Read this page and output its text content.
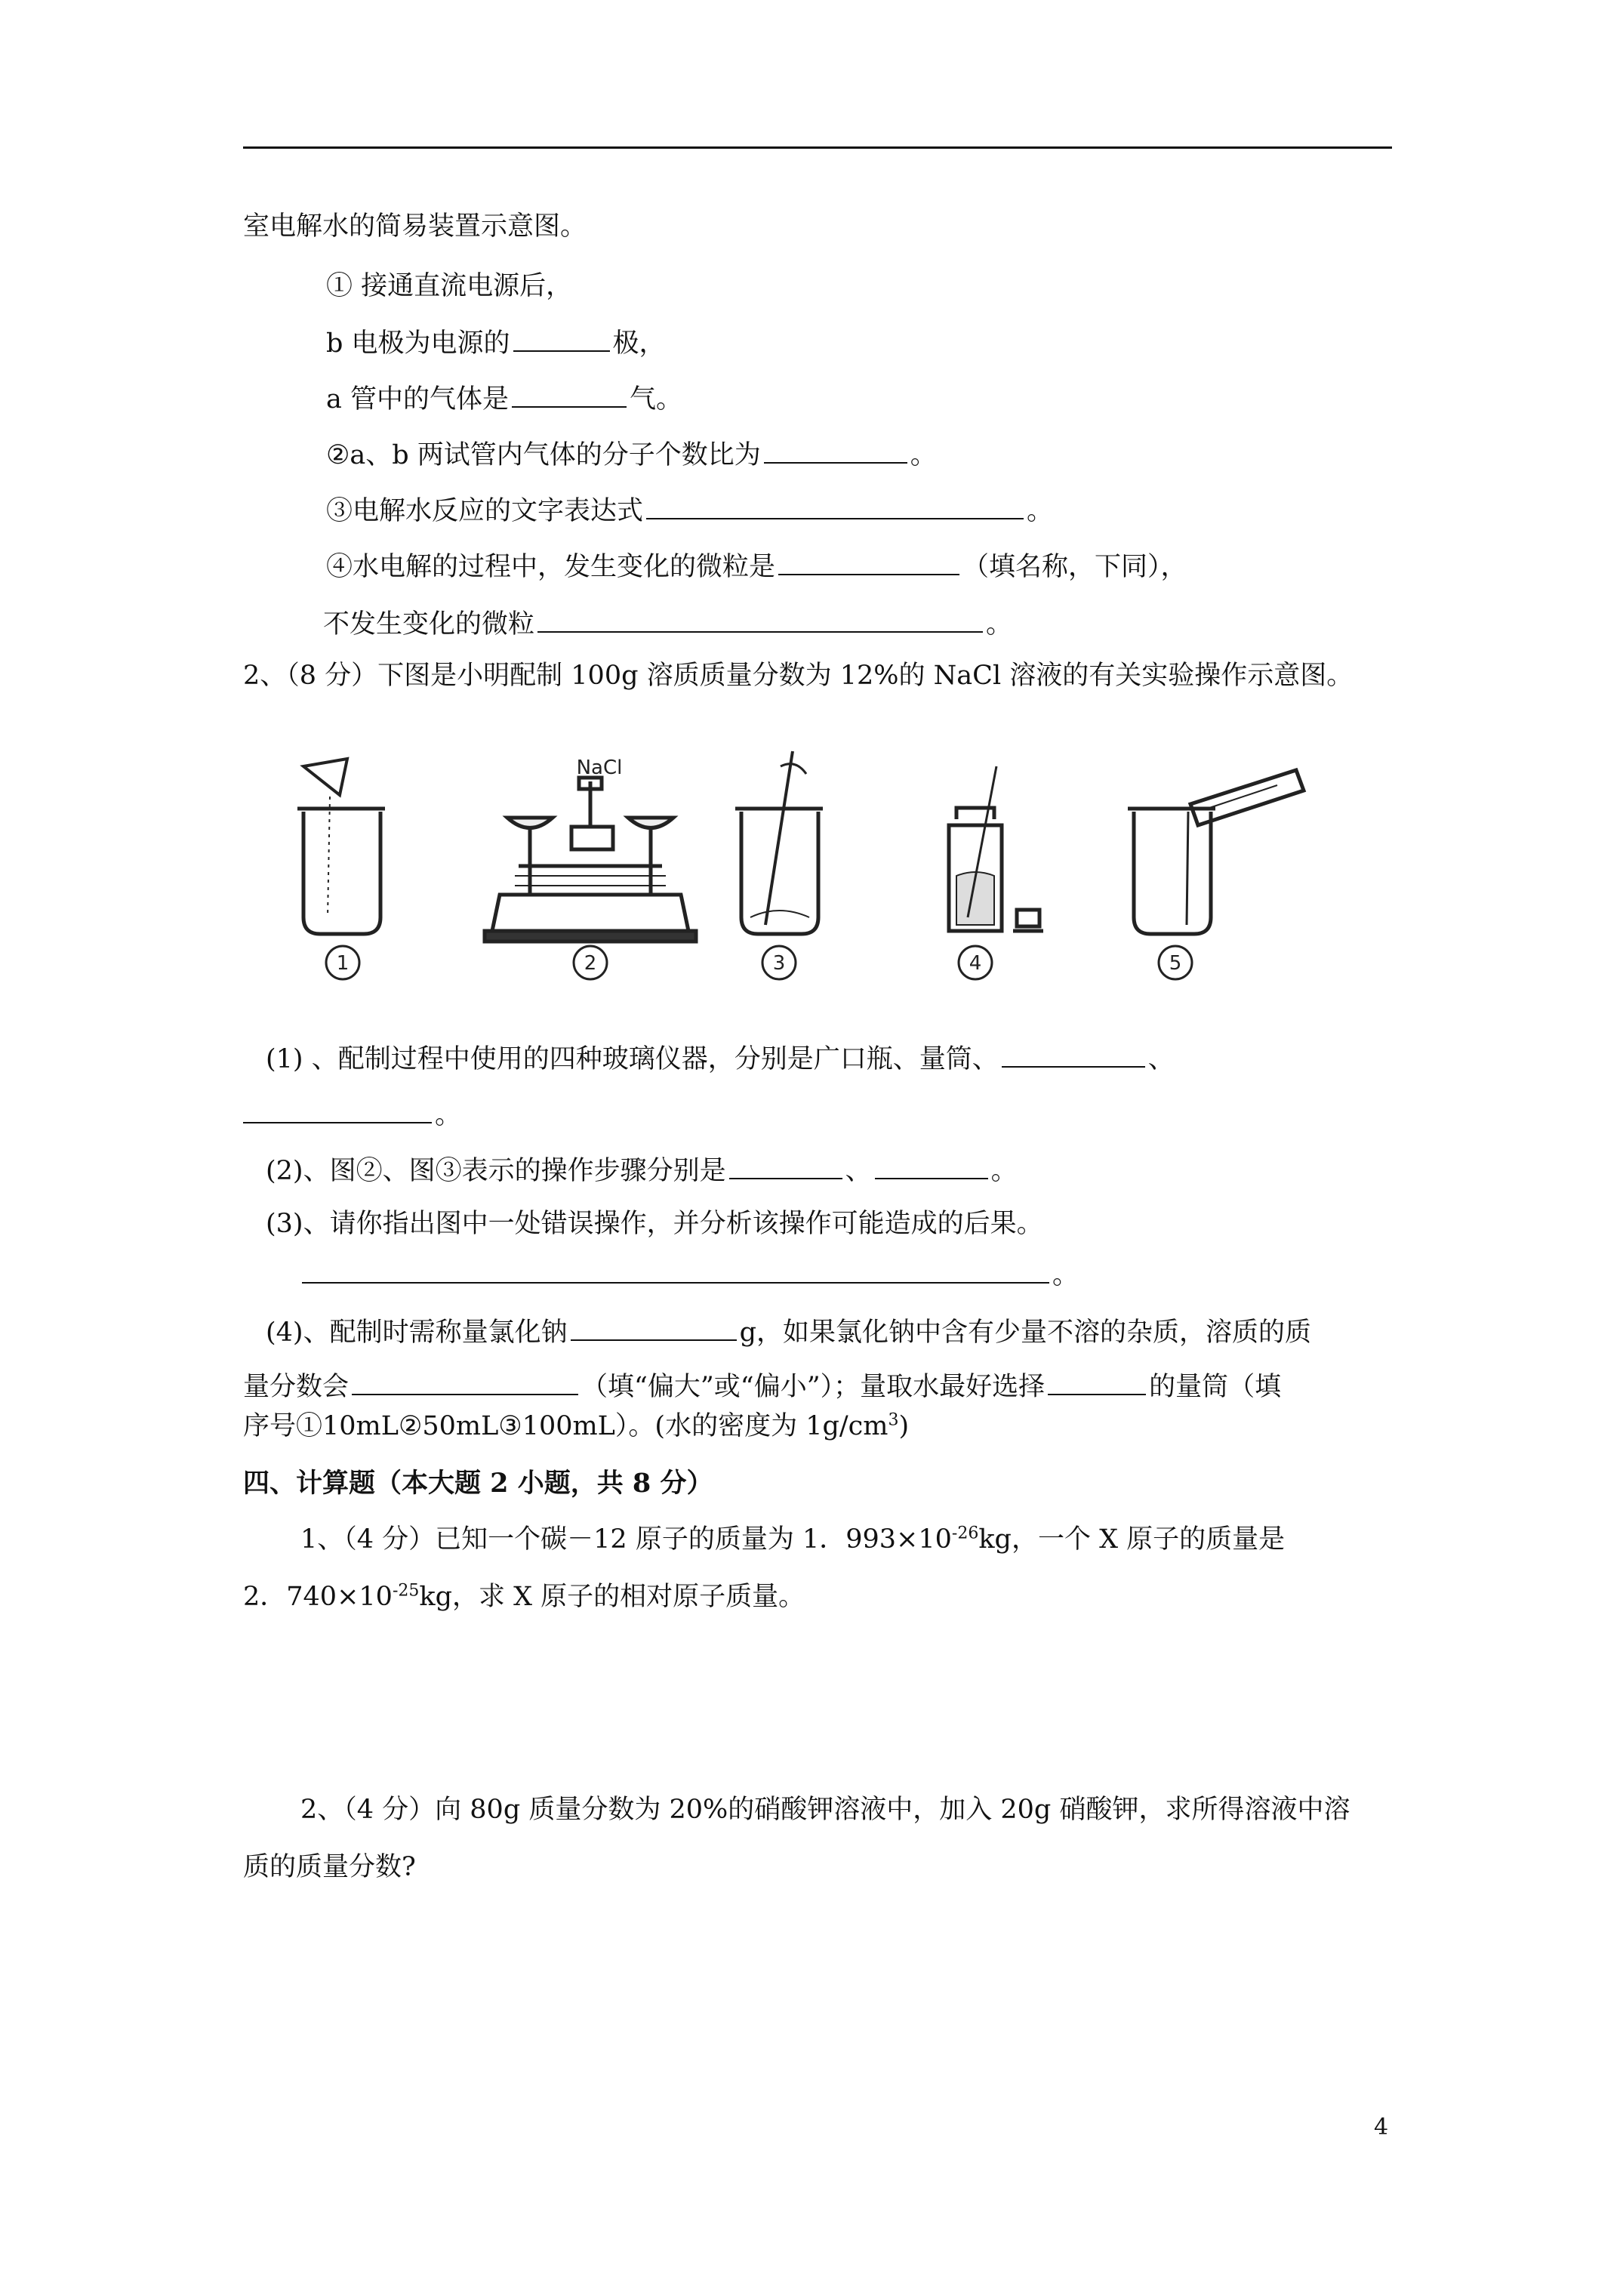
室电解水的简易装置示意图。
① 接通直流电源后，
b 电极为电源的	极，
a 管中的气体是	气。
②a、b 两试管内气体的分子个数比为	。
③电解水反应的文字表达式	。
④水电解的过程中，发生变化的微粒是	（填名称，下同），
不发生变化的微粒	。
2、（8 分）下图是小明配制 100g 溶质质量分数为 12%的 NaCl 溶液的有关实验操作示意图。
NaCl
1	2	3	4	5
(1) 、配制过程中使用的四种玻璃仪器，分别是广口瓶、量筒、	、
。
(2)、图②、图③表示的操作步骤分别是	、	。
(3)、请你指出图中一处错误操作，并分析该操作可能造成的后果。
。
(4)、配制时需称量氯化钠	g，如果氯化钠中含有少量不溶的杂质，溶质的质
量分数会	（填“偏大”或“偏小”）；量取水最好选择	的量筒（填
序号①10mL②50mL③100mL）。(水的密度为 $1g/cm^3$)
四、计算题（本大题 2 小题，共 8 分）
1、（4 分）已知一个碳－12 原子的质量为 1．$993\times 10^{-26}kg$，一个 X 原子的质量是
2．$740\times 10^{-25}kg$，求 X 原子的相对原子质量。
2、（4 分）向 80g 质量分数为 20%的硝酸钾溶液中，加入 20g 硝酸钾，求所得溶液中溶
质的质量分数?
4
